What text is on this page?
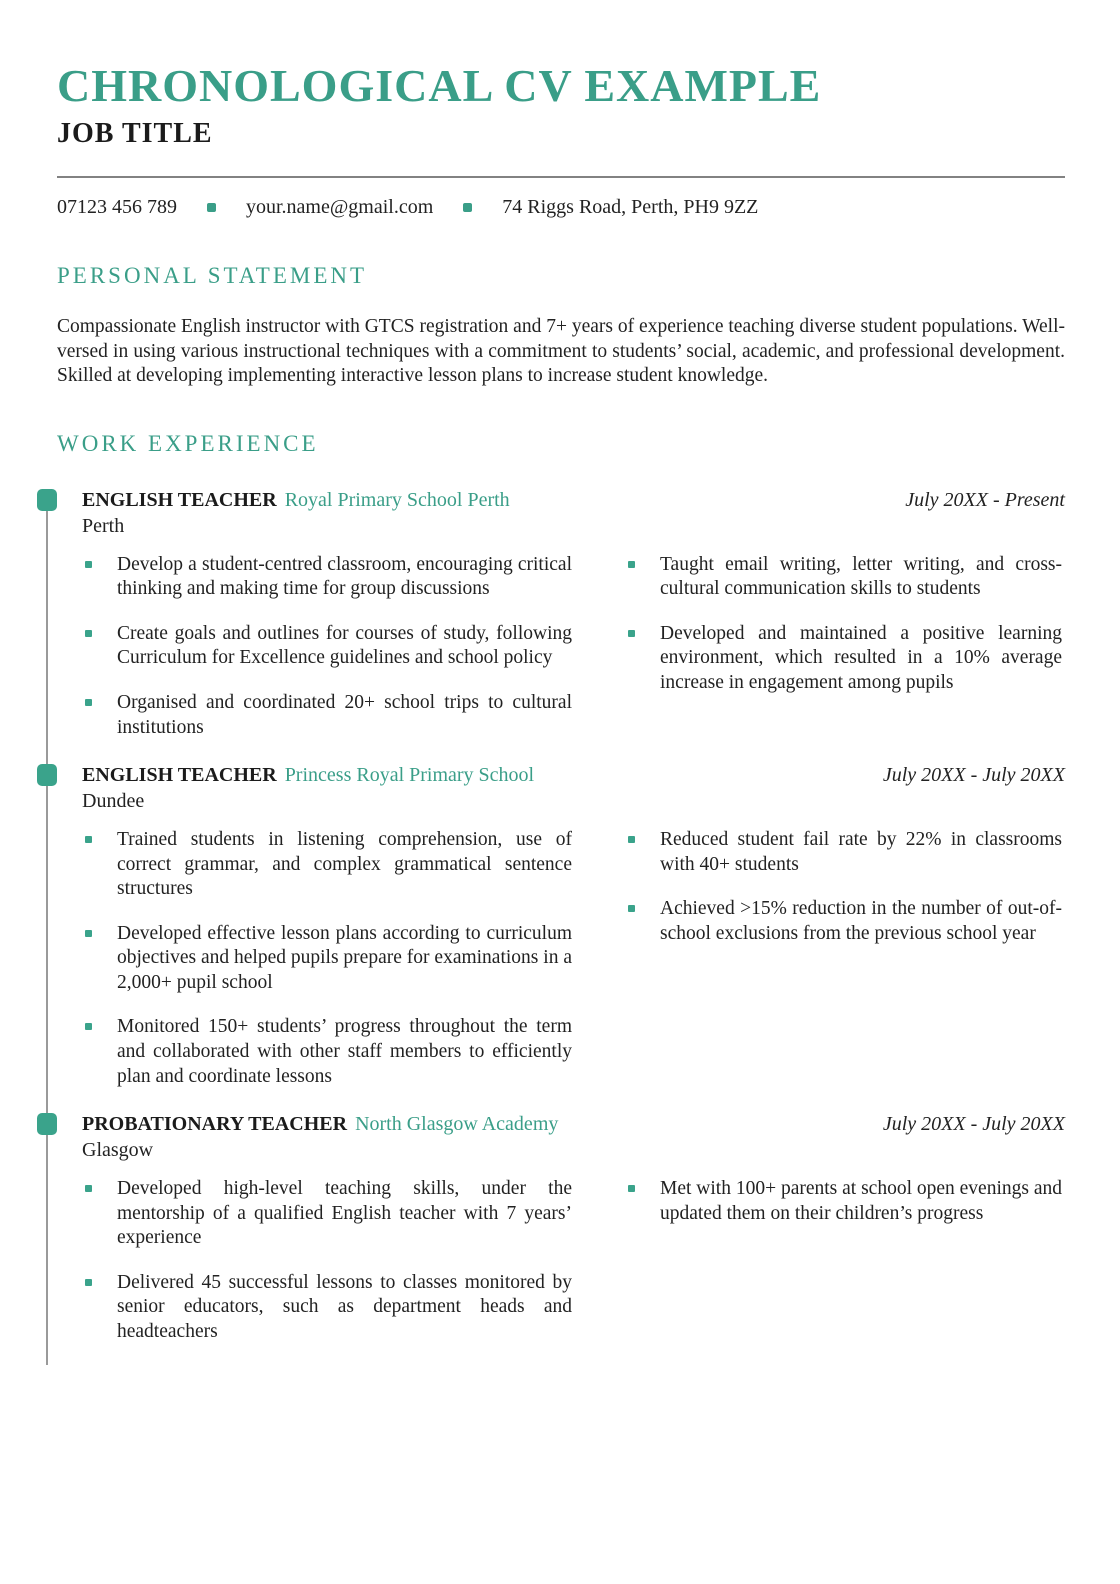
CHRONOLOGICAL CV EXAMPLE
JOB TITLE
07123 456 789	your.name@gmail.com	74 Riggs Road, Perth, PH9 9ZZ
PERSONAL STATEMENT

Compassionate English instructor with GTCS registration and 7+ years of experience teaching diverse student populations. Well-versed in using various instructional techniques with a commitment to students’ social, academic, and professional development. Skilled at developing implementing interactive lesson plans to increase student knowledge.

WORK EXPERIENCE
ENGLISH TEACHER Royal Primary School Perth	July 20XX - Present
Perth
Develop a student-centred classroom, encouraging critical thinking and making time for group discussions
Create goals and outlines for courses of study, following Curriculum for Excellence guidelines and school policy
Organised and coordinated 20+ school trips to cultural institutions
Taught email writing, letter writing, and cross-cultural communication skills to students
Developed and maintained a positive learning environment, which resulted in a 10% average increase in engagement among pupils
ENGLISH TEACHER Princess Royal Primary School	July 20XX - July 20XX
Dundee
Trained students in listening comprehension, use of correct grammar, and complex grammatical sentence structures
Developed effective lesson plans according to curriculum objectives and helped pupils prepare for examinations in a 2,000+ pupil school
Monitored 150+ students’ progress throughout the term and collaborated with other staff members to efficiently plan and coordinate lessons
Reduced student fail rate by 22% in classrooms with 40+ students
Achieved >15% reduction in the number of out-of-school exclusions from the previous school year
PROBATIONARY TEACHER North Glasgow Academy	July 20XX - July 20XX
Glasgow
Developed high-level teaching skills, under the mentorship of a qualified English teacher with 7 years’ experience
Delivered 45 successful lessons to classes monitored by senior educators, such as department heads and headteachers
Met with 100+ parents at school open evenings and updated them on their children’s progress
